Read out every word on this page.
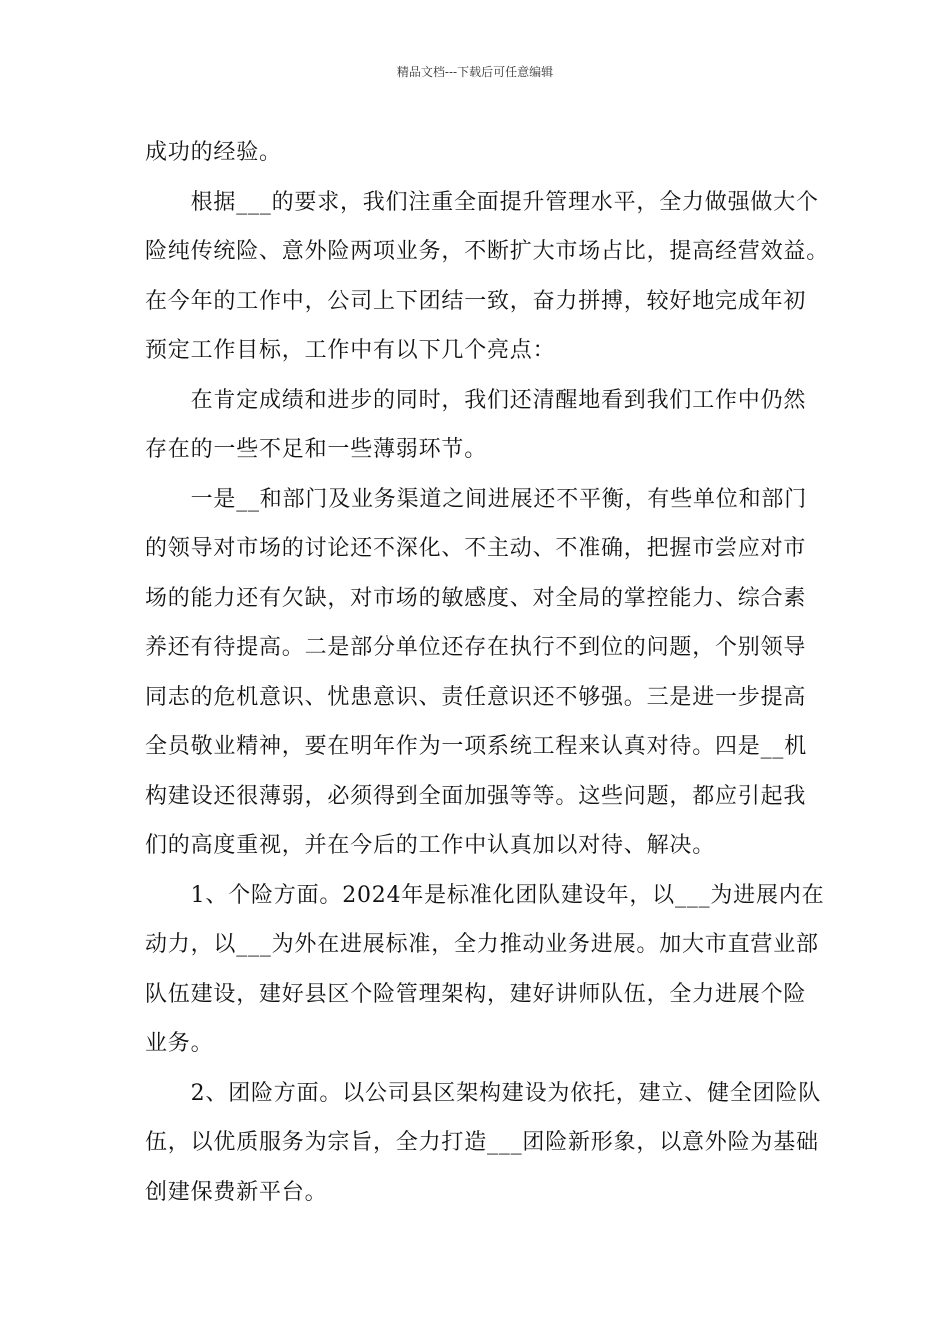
精品文档---下载后可任意编辑

成功的经验。

　　根据___的要求，我们注重全面提升管理水平，全力做强做大个
险纯传统险、意外险两项业务，不断扩大市场占比，提高经营效益。
在今年的工作中，公司上下团结一致，奋力拼搏，较好地完成年初
预定工作目标，工作中有以下几个亮点：

　　在肯定成绩和进步的同时，我们还清醒地看到我们工作中仍然
存在的一些不足和一些薄弱环节。

　　一是__和部门及业务渠道之间进展还不平衡，有些单位和部门
的领导对市场的讨论还不深化、不主动、不准确，把握市尝应对市
场的能力还有欠缺，对市场的敏感度、对全局的掌控能力、综合素
养还有待提高。二是部分单位还存在执行不到位的问题，个别领导
同志的危机意识、忧患意识、责任意识还不够强。三是进一步提高
全员敬业精神，要在明年作为一项系统工程来认真对待。四是__机
构建设还很薄弱，必须得到全面加强等等。这些问题，都应引起我
们的高度重视，并在今后的工作中认真加以对待、解决。

　　1、个险方面。2024年是标准化团队建设年，以___为进展内在
动力，以___为外在进展标准，全力推动业务进展。加大市直营业部
队伍建设，建好县区个险管理架构，建好讲师队伍，全力进展个险
业务。

　　2、团险方面。以公司县区架构建设为依托，建立、健全团险队
伍，以优质服务为宗旨，全力打造___团险新形象，以意外险为基础
创建保费新平台。
